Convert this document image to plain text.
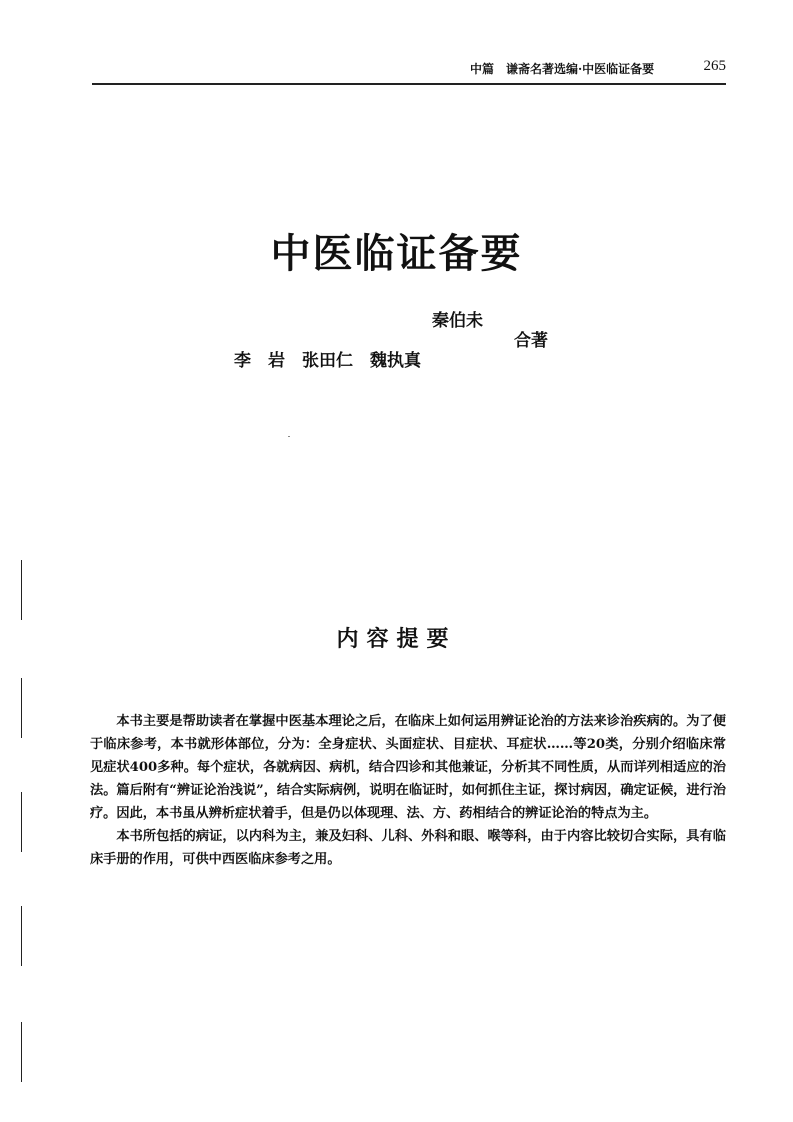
中篇　谦斋名著选编·中医临证备要	265
中医临证备要
秦伯未
李　岩　张田仁　魏执真
合著
内容提要

本书主要是帮助读者在掌握中医基本理论之后，在临床上如何运用辨证论治的方法来诊治疾病的。为了便于临床参考，本书就形体部位，分为：全身症状、头面症状、目症状、耳症状……等20类，分别介绍临床常见症状400多种。每个症状，各就病因、病机，结合四诊和其他兼证，分析其不同性质，从而详列相适应的治法。篇后附有“辨证论治浅说”，结合实际病例，说明在临证时，如何抓住主证，探讨病因，确定证候，进行治疗。因此，本书虽从辨析症状着手，但是仍以体现理、法、方、药相结合的辨证论治的特点为主。

本书所包括的病证，以内科为主，兼及妇科、儿科、外科和眼、喉等科，由于内容比较切合实际，具有临床手册的作用，可供中西医临床参考之用。
